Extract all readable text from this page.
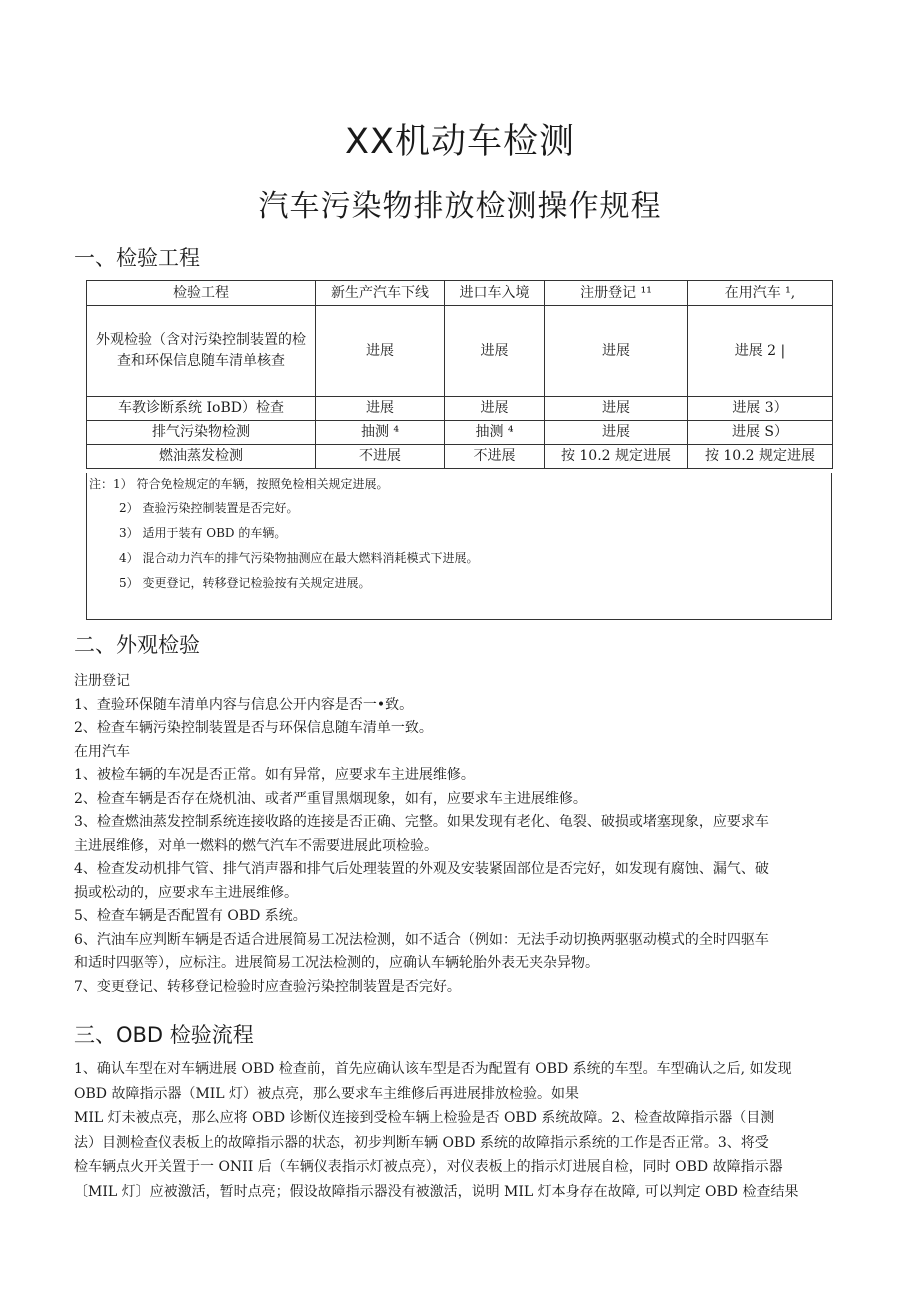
XX机动车检测
汽车污染物排放检测操作规程
一、检验工程
检验工程	新生产汽车下线	进口车入境	注册登记 ¹¹	在用汽车 ¹,
外观检验（含对污染控制装置的检查和环保信息随车清单核查	进展	进展	进展	进展 2 |
车教诊断系统 IoBD）检查	进展	进展	进展	进展 3）
排气污染物检测	抽测 ⁴	抽测 ⁴	进展	进展 S）
燃油蒸发检测	不进展	不进展	按 10.2 规定进展	按 10.2 规定进展
注：1） 符合免检规定的车辆，按照免检相关规定进展。
2） 查验污染控制装置是否完好。
3） 适用于装有 OBD 的车辆。
4） 混合动力汽车的排气污染物抽测应在最大燃料消耗模式下进展。
5） 变更登记，转移登记检验按有关规定进展。
二、外观检验
注册登记
1、查验环保随车清单内容与信息公开内容是否一•致。
2、检查车辆污染控制装置是否与环保信息随车清单一致。
在用汽车
1、被检车辆的车况是否正常。如有异常，应要求车主进展维修。
2、检查车辆是否存在烧机油、或者严重冒黑烟现象，如有，应要求车主进展维修。
3、检查燃油蒸发控制系统连接收路的连接是否正确、完整。如果发现有老化、龟裂、破损或堵塞现象，应要求车
主进展维修，对单一燃料的燃气汽车不需要进展此项检验。
4、检查发动机排气管、排气消声器和排气后处理装置的外观及安装紧固部位是否完好，如发现有腐蚀、漏气、破
损或松动的，应要求车主进展维修。
5、检查车辆是否配置有 OBD 系统。
6、汽油车应判断车辆是否适合进展简易工况法检测，如不适合（例如：无法手动切换两驱驱动模式的全时四驱车
和适时四驱等），应标注。进展简易工况法检测的，应确认车辆轮胎外表无夹杂异物。
7、变更登记、转移登记检验时应查验污染控制装置是否完好。
三、OBD 检验流程
1、确认车型在对车辆进展 OBD 检查前，首先应确认该车型是否为配置有 OBD 系统的车型。车型确认之后, 如发现
OBD 故障指示器（MIL 灯）被点亮，那么要求车主维修后再进展排放检验。如果
MIL 灯未被点亮，那么应将 OBD 诊断仪连接到受检车辆上检验是否 OBD 系统故障。2、检查故障指示器（目测
法）目测检查仪表板上的故障指示器的状态，初步判断车辆 OBD 系统的故障指示系统的工作是否正常。3、将受
检车辆点火开关置于一 ONII 后（车辆仪表指示灯被点亮），对仪表板上的指示灯进展自检，同时 OBD 故障指示器
〔MIL 灯〕应被激活，暂时点亮；假设故障指示器没有被激活，说明 MIL 灯本身存在故障, 可以判定 OBD 检查结果
